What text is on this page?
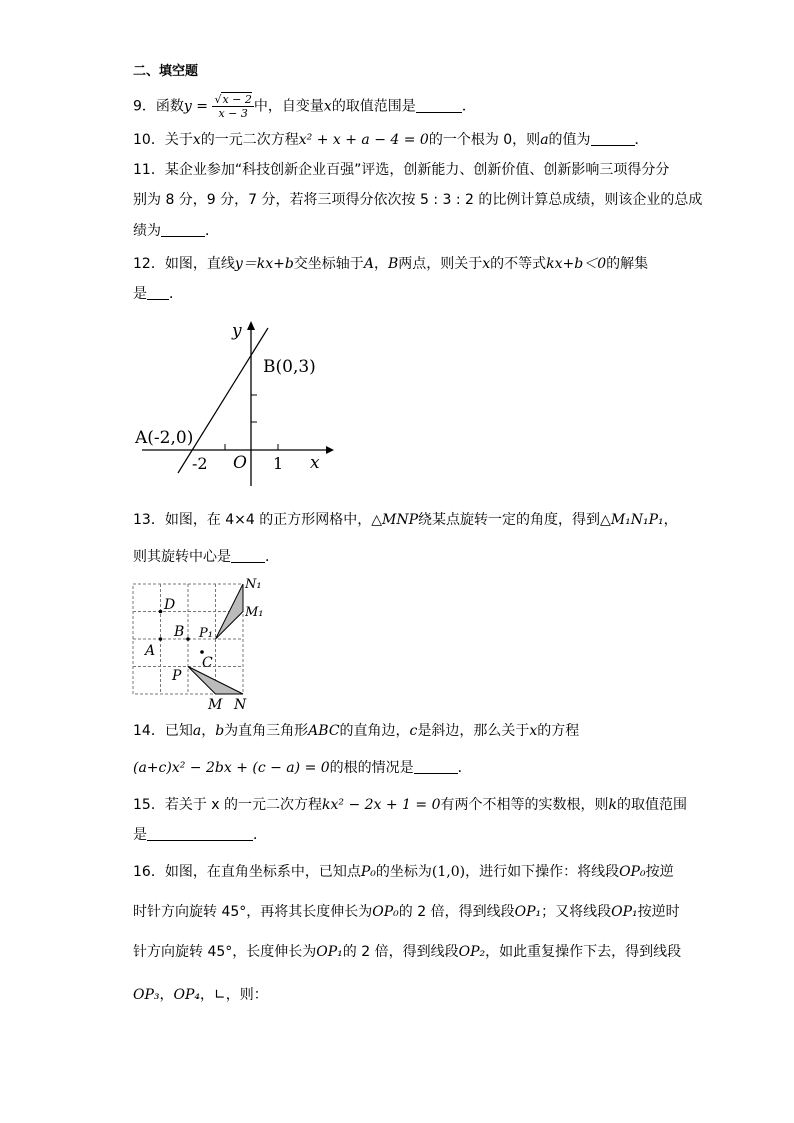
二、填空题
9．函数$y = \frac{√x - 2}{x - 3}$ 中，自变量x的取值范围是	．
10．关于x的一元二次方程x² + x + a − 4 = 0的一个根为 0，则a的值为	．
11．某企业参加“科技创新企业百强”评选，创新能力、创新价值、创新影响三项得分分
别为 8 分，9 分，7 分，若将三项得分依次按 5 : 3 : 2 的比例计算总成绩，则该企业的总成
绩为	．
12．如图，直线y＝kx+b交坐标轴于A，B两点，则关于x的不等式kx+b＜0的解集
是 ．
y
x
O
B(0,3)
A(-2,0)
-2	1
13．如图，在 4×4 的正方形网格中，△MNP绕某点旋转一定的角度，得到△M₁N₁P₁，
则其旋转中心是 ．
D
B
A
C
P
M N
P₁
M₁
N₁
14．已知a，b为直角三角形ABC的直角边，c是斜边，那么关于x的方程
(a+c)x² − 2bx + (c − a) = 0的根的情况是	．
15．若关于 x 的一元二次方程kx² − 2x + 1 = 0有两个不相等的实数根，则k的取值范围
是	．
16．如图，在直角坐标系中，已知点P₀的坐标为(1,0)，进行如下操作：将线段OP₀按逆
时针方向旋转 45°，再将其长度伸长为OP₀的 2 倍，得到线段OP₁；又将线段OP₁按逆时
针方向旋转 45°，长度伸长为OP₁的 2 倍，得到线段OP₂，如此重复操作下去，得到线段
OP₃，OP₄，∟，则：
